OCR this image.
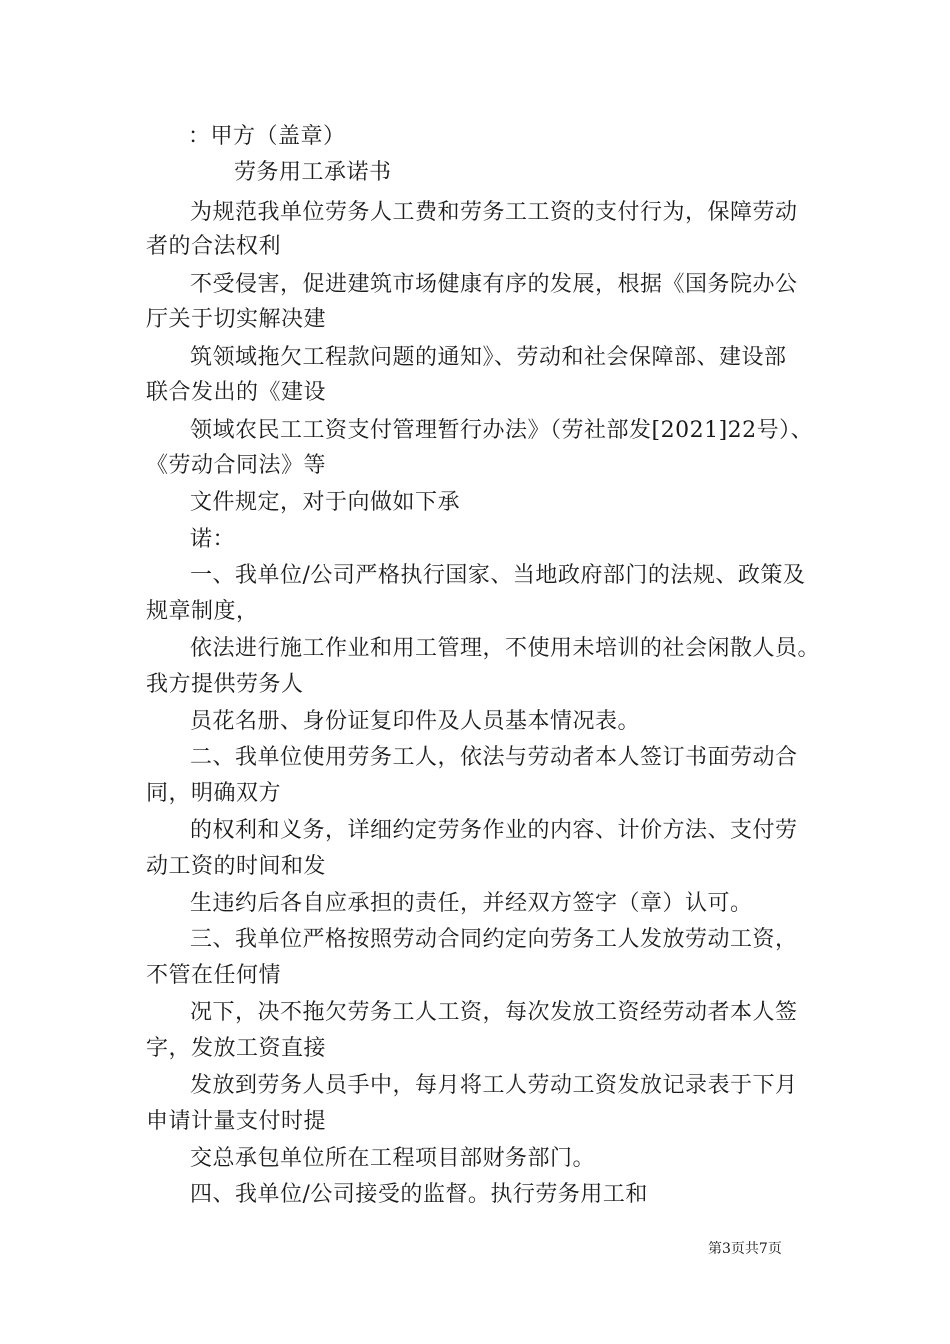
：甲方（盖章）
劳务用工承诺书
为规范我单位劳务人工费和劳务工工资的支付行为，保障劳动
者的合法权利
不受侵害，促进建筑市场健康有序的发展，根据《国务院办公
厅关于切实解决建
筑领域拖欠工程款问题的通知》、劳动和社会保障部、建设部
联合发出的《建设
领域农民工工资支付管理暂行办法》（劳社部发[2021]22号）、
《劳动合同法》等
文件规定，对于向做如下承
诺：
一、我单位/公司严格执行国家、当地政府部门的法规、政策及
规章制度，
依法进行施工作业和用工管理，不使用未培训的社会闲散人员。
我方提供劳务人
员花名册、身份证复印件及人员基本情况表。
二、我单位使用劳务工人，依法与劳动者本人签订书面劳动合
同，明确双方
的权利和义务，详细约定劳务作业的内容、计价方法、支付劳
动工资的时间和发
生违约后各自应承担的责任，并经双方签字（章）认可。
三、我单位严格按照劳动合同约定向劳务工人发放劳动工资，
不管在任何情
况下，决不拖欠劳务工人工资，每次发放工资经劳动者本人签
字，发放工资直接
发放到劳务人员手中，每月将工人劳动工资发放记录表于下月
申请计量支付时提
交总承包单位所在工程项目部财务部门。
四、我单位/公司接受的监督。执行劳务用工和
第3页共7页
